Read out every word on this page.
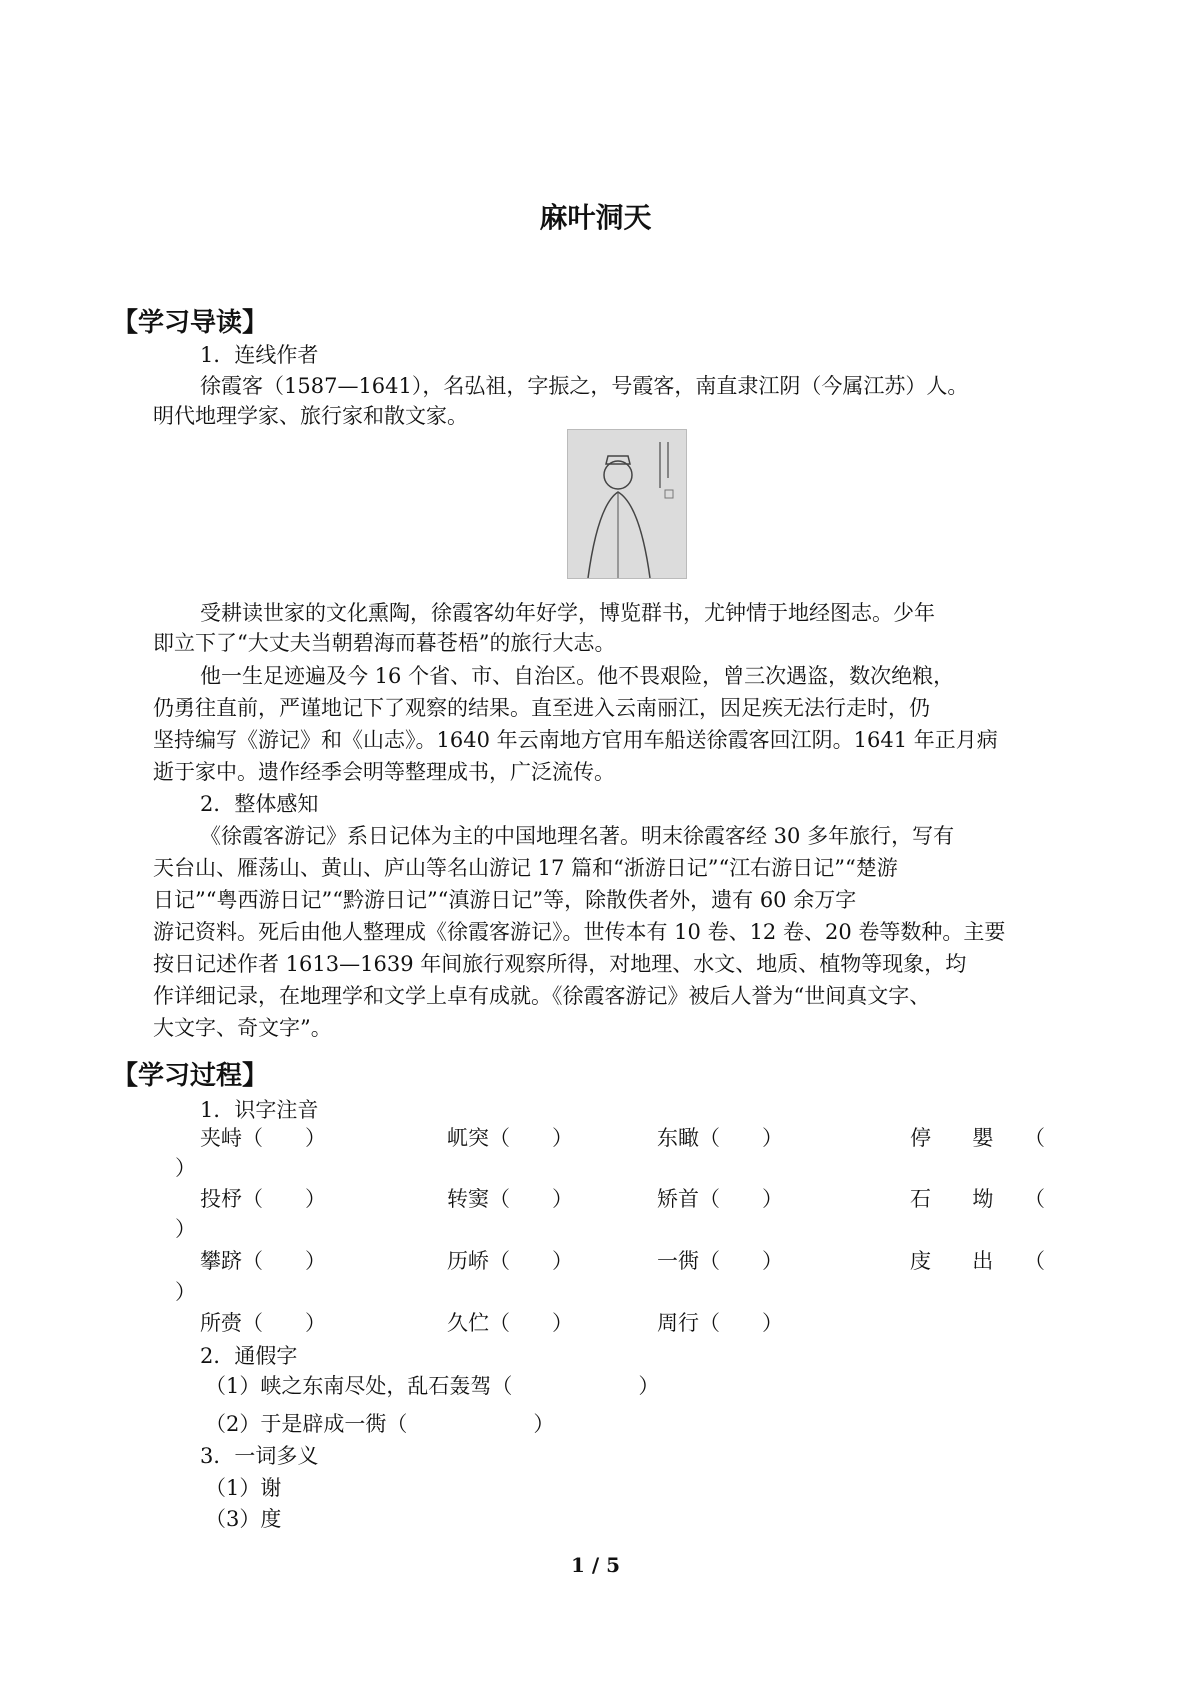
麻叶洞天
【学习导读】
1．连线作者
徐霞客（1587—1641），名弘祖，字振之，号霞客，南直隶江阴（今属江苏）人。
明代地理学家、旅行家和散文家。
受耕读世家的文化熏陶，徐霞客幼年好学，博览群书，尤钟情于地经图志。少年
即立下了“大丈夫当朝碧海而暮苍梧”的旅行大志。
他一生足迹遍及今 16 个省、市、自治区。他不畏艰险，曾三次遇盗，数次绝粮，
仍勇往直前，严谨地记下了观察的结果。直至进入云南丽江，因足疾无法行走时，仍
坚持编写《游记》和《山志》。1640 年云南地方官用车船送徐霞客回江阴。1641 年正月病
逝于家中。遗作经季会明等整理成书，广泛流传。
2．整体感知
《徐霞客游记》系日记体为主的中国地理名著。明末徐霞客经 30 多年旅行，写有
天台山、雁荡山、黄山、庐山等名山游记 17 篇和“浙游日记”“江右游日记”“楚游
日记”“粤西游日记”“黔游日记”“滇游日记”等，除散佚者外，遗有 60 余万字
游记资料。死后由他人整理成《徐霞客游记》。世传本有 10 卷、12 卷、20 卷等数种。主要
按日记述作者 1613—1639 年间旅行观察所得，对地理、水文、地质、植物等现象，均
作详细记录，在地理学和文学上卓有成就。《徐霞客游记》被后人誉为“世间真文字、
大文字、奇文字”。
【学习过程】
1．识字注音
夹峙（　　）	屼突（　　）	东瞰（　　）	停　嬰　（
）
投杼（　　）	转窦（　　）	矫首（　　）	石　坳　（
）
攀跻（　　）	历峤（　　）	一衖（　　）	庋　出　（
）
所赍（　　）	久伫（　　）	周行（　　）
2．通假字
（1）峡之东南尽处，乱石轰驾（　　　　　　）
（2）于是辟成一衖（　　　　　　）
3．一词多义
（1）谢
（3）度
1 / 5
